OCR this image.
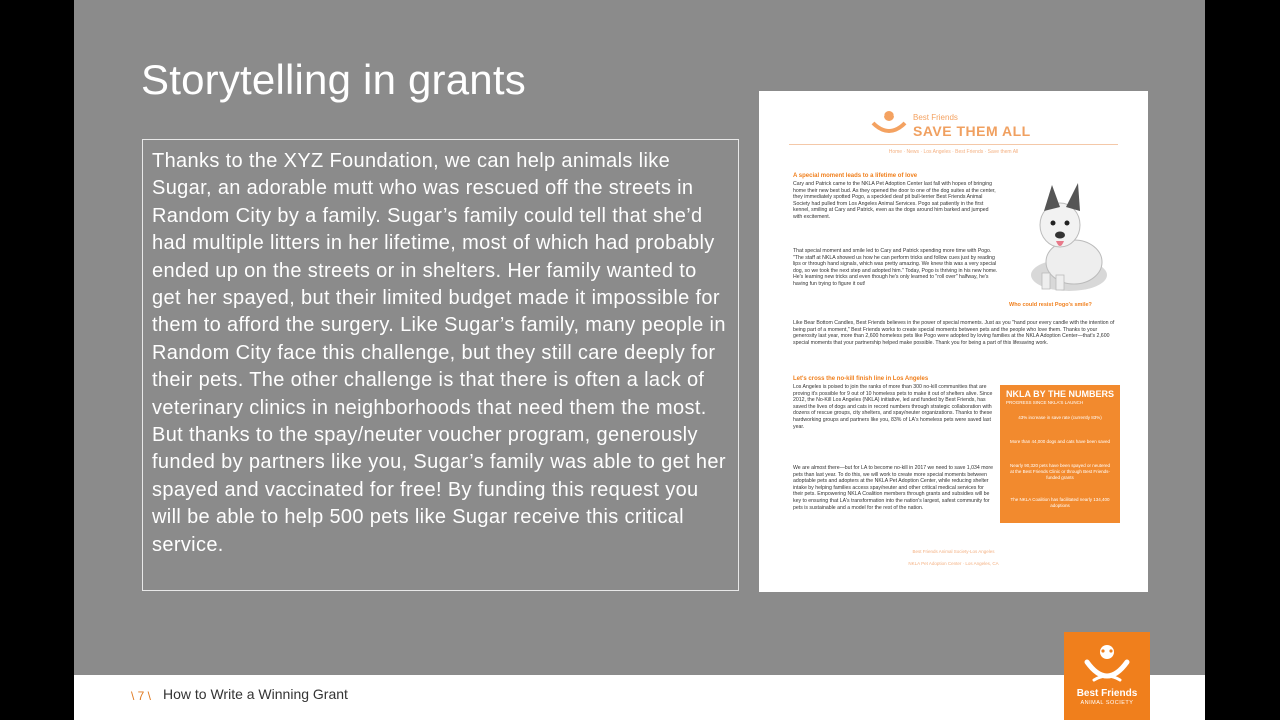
Storytelling in grants
Thanks to the XYZ Foundation, we can help animals like Sugar, an adorable mutt who was rescued off the streets in Random City by a family. Sugar’s family could tell that she’d had multiple litters in her lifetime, most of which had probably ended up on the streets or in shelters. Her family wanted to get her spayed, but their limited budget made it impossible for them to afford the surgery. Like Sugar’s family, many people in Random City face this challenge, but they still care deeply for their pets. The other challenge is that there is often a lack of veterinary clinics in neighborhoods that need them the most. But thanks to the spay/neuter voucher program, generously funded by partners like you, Sugar’s family was able to get her spayed and vaccinated for free! By funding this request you will be able to help 500 pets like Sugar receive this critical service.
Best Friends
SAVE THEM ALL
Home · News · Los Angeles · Best Friends · Save them All
A special moment leads to a lifetime of love

Cary and Patrick came to the NKLA Pet Adoption Center last fall with hopes of bringing home their new best bud. As they opened the door to one of the dog suites at the center, they immediately spotted Pogo, a speckled deaf pit bull-terrier Best Friends Animal Society had pulled from Los Angeles Animal Services. Pogo sat patiently in the first kennel, smiling at Cary and Patrick, even as the dogs around him barked and jumped with excitement.

That special moment and smile led to Cary and Patrick spending more time with Pogo. "The staff at NKLA showed us how he can perform tricks and follow cues just by reading lips or through hand signals, which was pretty amazing. We knew this was a very special dog, so we took the next step and adopted him." Today, Pogo is thriving in his new home. He's learning new tricks and even though he's only learned to "roll over" halfway, he's having fun trying to figure it out!

Who could resist Pogo's smile?

Like Bear Bottom Candles, Best Friends believes in the power of special moments. Just as you "hand pour every candle with the intention of being part of a moment," Best Friends works to create special moments between pets and the people who love them. Thanks to your generosity last year, more than 2,600 homeless pets like Pogo were adopted by loving families at the NKLA Adoption Center—that's 2,600 special moments that your partnership helped make possible. Thank you for being a part of this lifesaving work.

Let's cross the no-kill finish line in Los Angeles

Los Angeles is poised to join the ranks of more than 300 no-kill communities that are proving it's possible for 9 out of 10 homeless pets to make it out of shelters alive. Since 2012, the No-Kill Los Angeles (NKLA) initiative, led and funded by Best Friends, has saved the lives of dogs and cats in record numbers through strategic collaboration with dozens of rescue groups, city shelters, and spay/neuter organizations. Thanks to these hardworking groups and partners like you, 83% of LA's homeless pets were saved last year.

We are almost there—but for LA to become no-kill in 2017 we need to save 1,034 more pets than last year. To do this, we will work to create more special moments between adoptable pets and adopters at the NKLA Pet Adoption Center, while reducing shelter intake by helping families access spay/neuter and other critical medical services for their pets. Empowering NKLA Coalition members through grants and subsidies will be key to ensuring that LA's transformation into the nation's largest, safest community for pets is sustainable and a model for the rest of the nation.

NKLA BY THE NUMBERS
PROGRESS SINCE NKLA'S LAUNCH
43% increase in save rate (currently 83%)
More than 44,000 dogs and cats have been saved
Nearly 90,320 pets have been spayed or neutered at the Best Friends Clinic or through Best Friends-funded grants
The NKLA Coalition has facilitated nearly 134,400 adoptions
Best Friends Animal Society-Los Angeles
NKLA Pet Adoption Center · Los Angeles, CA
\ 7 \ How to Write a Winning Grant	Best Friends
ANIMAL SOCIETY
